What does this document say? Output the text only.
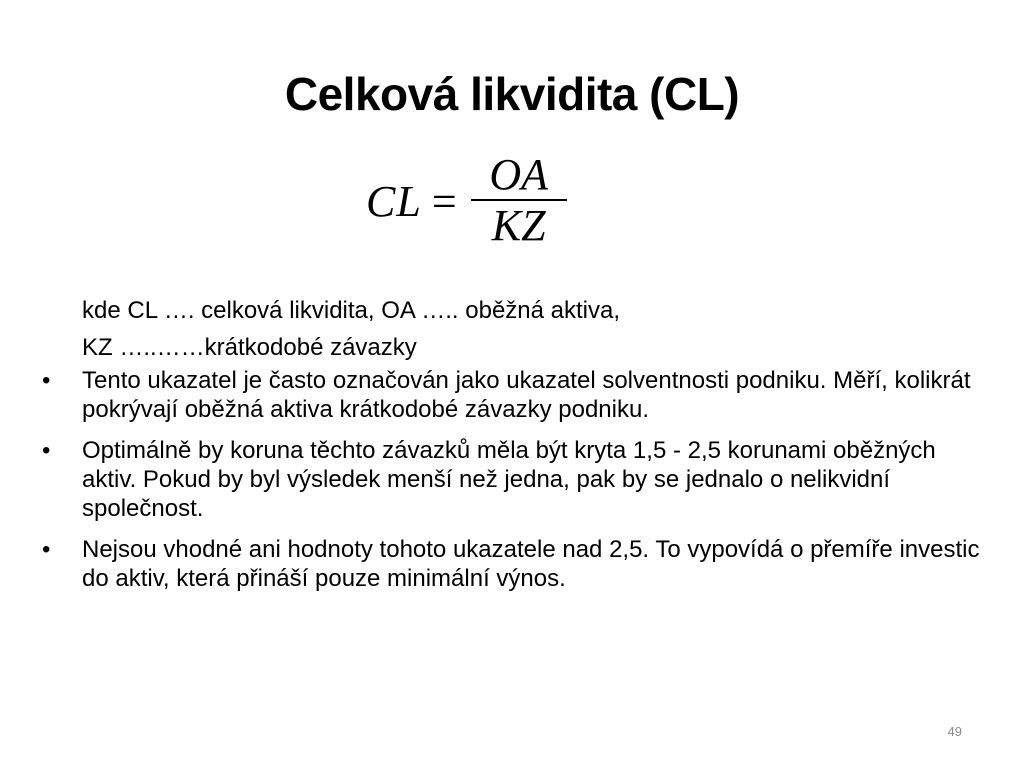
Celková likvidita (CL)
CL = $\frac{OA}{KZ}$
kde CL …. celková likvidita, OA ….. oběžná aktiva,
KZ …..……krátkodobé závazky
•	Tento ukazatel je často označován jako ukazatel solventnosti podniku. Měří, kolikrát pokrývají oběžná aktiva krátkodobé závazky podniku.
•	Optimálně by koruna těchto závazků měla být kryta 1,5 - 2,5 korunami oběžných aktiv. Pokud by byl výsledek menší než jedna, pak by se jednalo o nelikvidní společnost.
•	Nejsou vhodné ani hodnoty tohoto ukazatele nad 2,5. To vypovídá o přemíře investic do aktiv, která přináší pouze minimální výnos.
49
